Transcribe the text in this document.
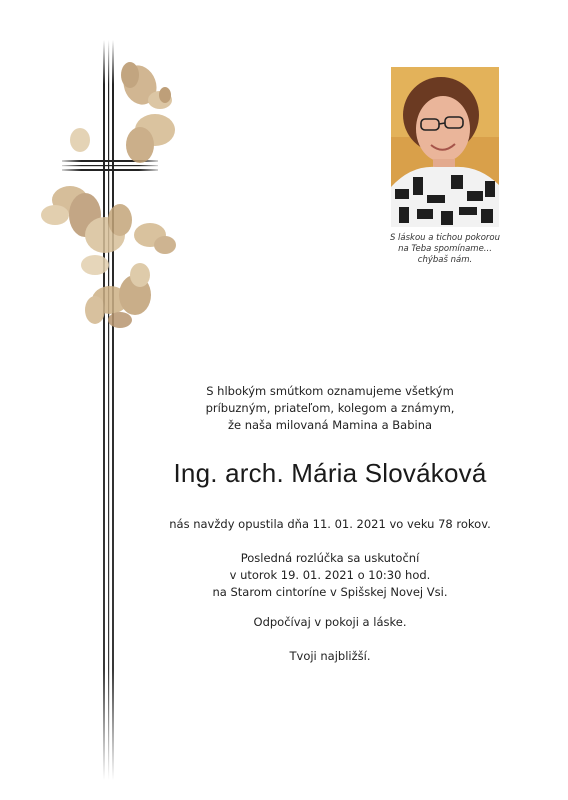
S láskou a tichou pokorou
na Teba spomíname...
chýbaš nám.
S hlbokým smútkom oznamujeme všetkým
príbuzným, priateľom, kolegom a známym,
že naša milovaná Mamina a Babina
Ing. arch. Mária Slováková
nás navždy opustila dňa 11. 01. 2021 vo veku 78 rokov.
Posledná rozlúčka sa uskutoční
v utorok 19. 01. 2021 o 10:30 hod.
na Starom cintoríne v Spišskej Novej Vsi.
Odpočívaj v pokoji a láske.
Tvoji najbližší.
